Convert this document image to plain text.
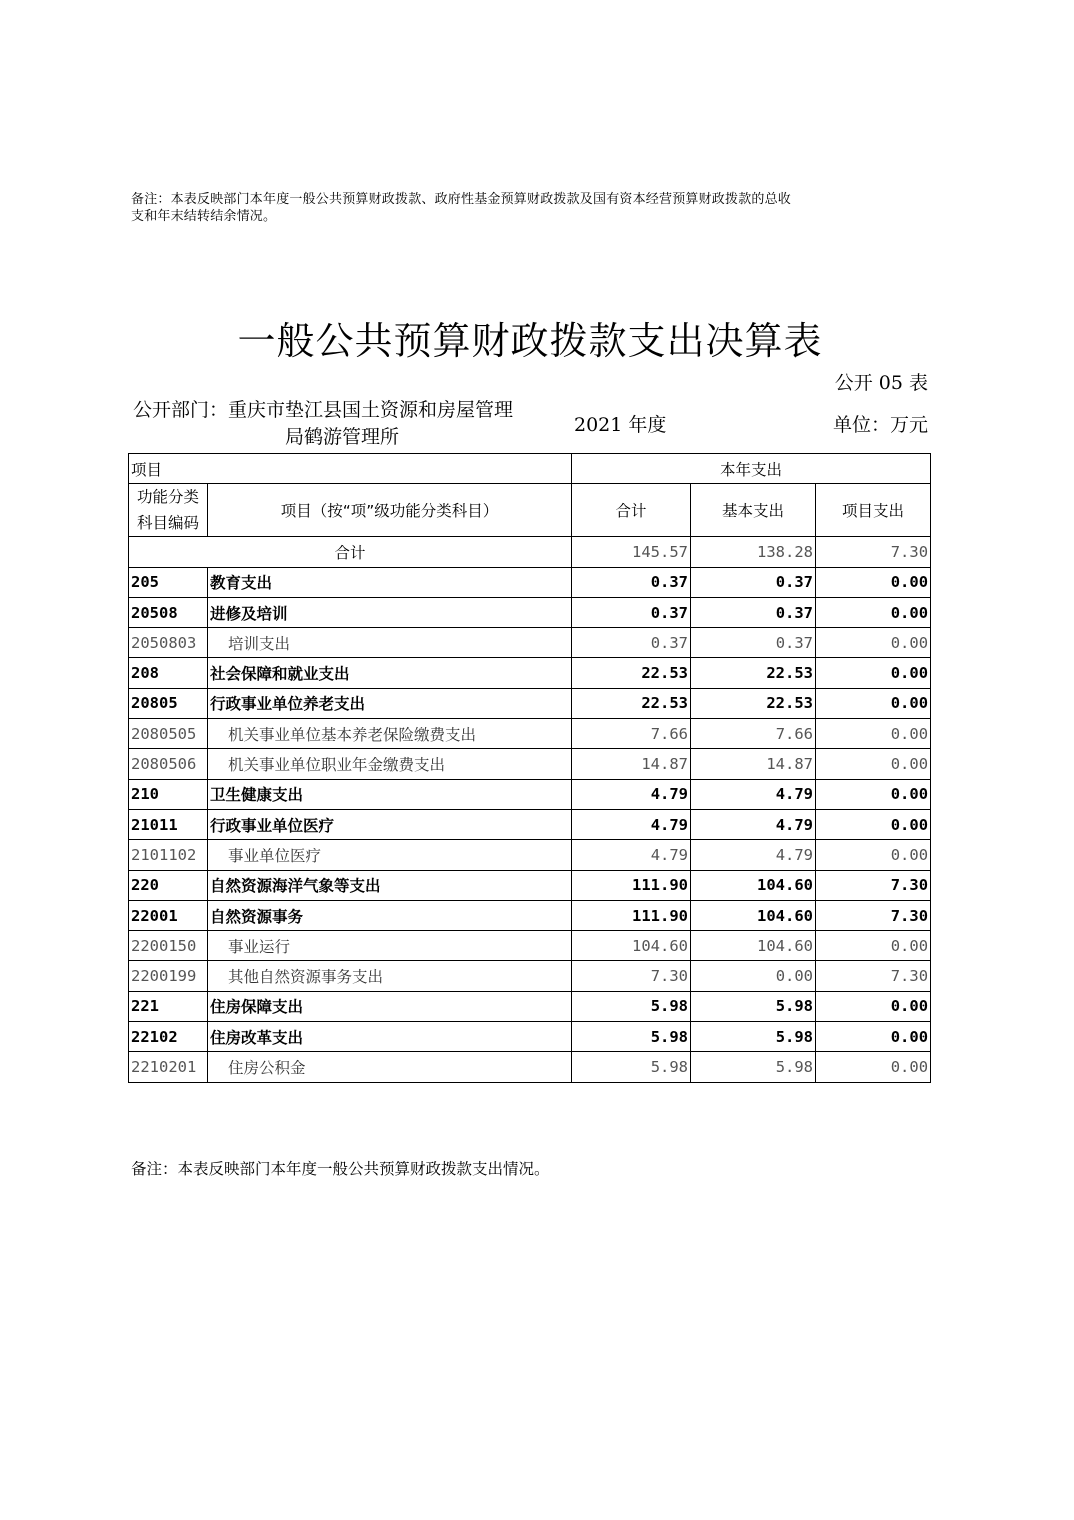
备注：本表反映部门本年度一般公共预算财政拨款、政府性基金预算财政拨款及国有资本经营预算财政拨款的总收
支和年末结转结余情况。
一般公共预算财政拨款支出决算表
公开 05 表
公开部门：重庆市垫江县国土资源和房屋管理
局鹤游管理所
2021 年度	单位：万元
项目		本年支出		

功能分类
科目编码	项目（按“项”级功能分类科目）	合计	基本支出	项目支出
合计		145.57	138.28	7.30
205	教育支出	0.37	0.37	0.00
20508	进修及培训	0.37	0.37	0.00
2050803	培训支出	0.37	0.37	0.00
208	社会保障和就业支出	22.53	22.53	0.00
20805	行政事业单位养老支出	22.53	22.53	0.00
2080505	机关事业单位基本养老保险缴费支出	7.66	7.66	0.00
2080506	机关事业单位职业年金缴费支出	14.87	14.87	0.00
210	卫生健康支出	4.79	4.79	0.00
21011	行政事业单位医疗	4.79	4.79	0.00
2101102	事业单位医疗	4.79	4.79	0.00
220	自然资源海洋气象等支出	111.90	104.60	7.30
22001	自然资源事务	111.90	104.60	7.30
2200150	事业运行	104.60	104.60	0.00
2200199	其他自然资源事务支出	7.30	0.00	7.30
221	住房保障支出	5.98	5.98	0.00
22102	住房改革支出	5.98	5.98	0.00
2210201	住房公积金	5.98	5.98	0.00
备注：本表反映部门本年度一般公共预算财政拨款支出情况。
